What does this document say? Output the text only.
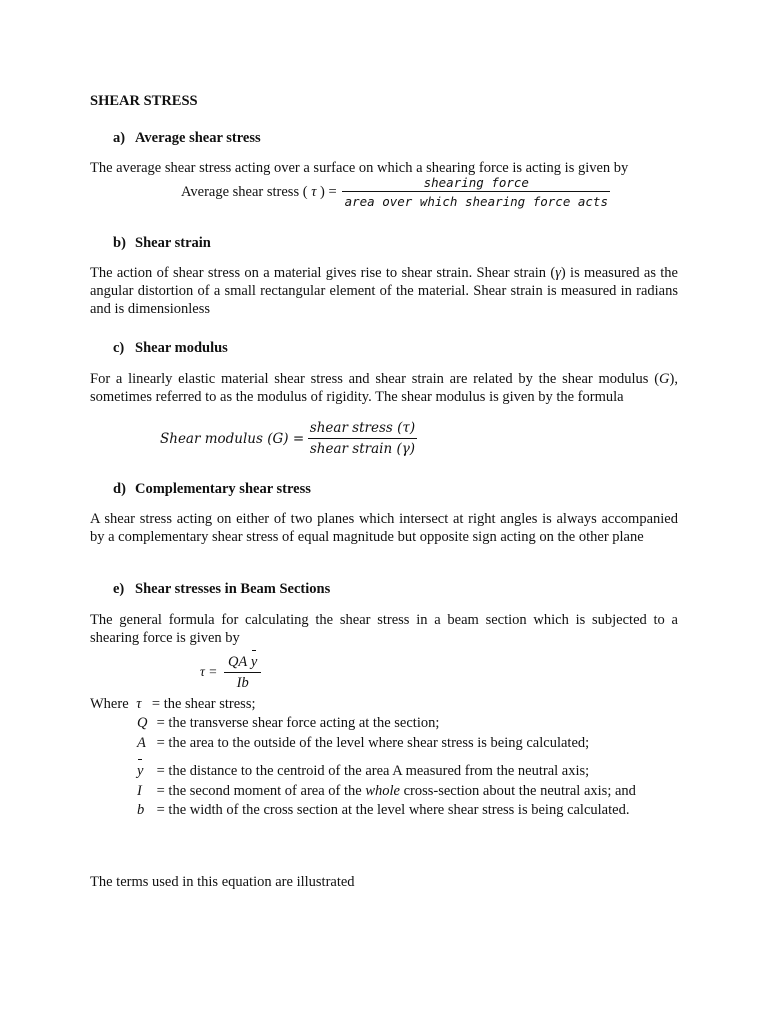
SHEAR STRESS
a) Average shear stress
The average shear stress acting over a surface on which a shearing force is acting is given by
Average shear stress ( τ ) = $\frac{\text{shearing force}}{\text{area over which shearing force acts}}$
b) Shear strain
The action of shear stress on a material gives rise to shear strain. Shear strain (γ) is measured as the angular distortion of a small rectangular element of the material. Shear strain is measured in radians and is dimensionless
c) Shear modulus
For a linearly elastic material shear stress and shear strain are related by the shear modulus (G), sometimes referred to as the modulus of rigidity. The shear modulus is given by the formula
Shear modulus $(G) = \frac{\text{shear stress (τ)}}{\text{shear strain (γ)}}$
d) Complementary shear stress
A shear stress acting on either of two planes which intersect at right angles is always accompanied by a complementary shear stress of equal magnitude but opposite sign acting on the other plane
e) Shear stresses in Beam Sections
The general formula for calculating the shear stress in a beam section which is subjected to a shearing force is given by
$\tau = \frac{\text{QA y}}{Ib}$
Where τ = the shear stress;
Q = the transverse shear force acting at the section;
A = the area to the outside of the level where shear stress is being calculated;
y = the distance to the centroid of the area A measured from the neutral axis;
I = the second moment of area of the whole cross-section about the neutral axis; and
b = the width of the cross section at the level where shear stress is being calculated.
The terms used in this equation are illustrated
